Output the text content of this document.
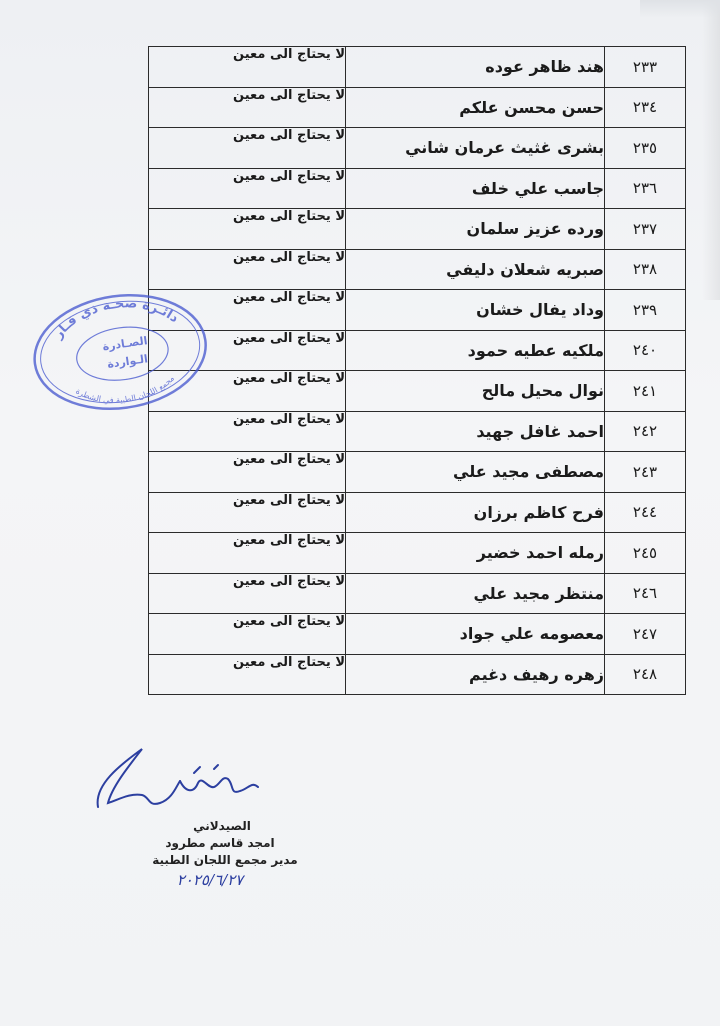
٢٣٣	هند ظاهر عوده	لا يحتاج الى معين
٢٣٤	حسن محسن علكم	لا يحتاج الى معين
٢٣٥	بشرى غثيث عرمان شاني	لا يحتاج الى معين
٢٣٦	جاسب علي خلف	لا يحتاج الى معين
٢٣٧	ورده عزيز سلمان	لا يحتاج الى معين
٢٣٨	صبريه شعلان دليفي	لا يحتاج الى معين
٢٣٩	وداد يفال خشان	لا يحتاج الى معين
٢٤٠	ملكيه عطيه حمود	لا يحتاج الى معين
٢٤١	نوال محيل مالح	لا يحتاج الى معين
٢٤٢	احمد غافل جهيد	لا يحتاج الى معين
٢٤٣	مصطفى مجيد علي	لا يحتاج الى معين
٢٤٤	فرح كاظم برزان	لا يحتاج الى معين
٢٤٥	رمله احمد خضير	لا يحتاج الى معين
٢٤٦	منتظر مجيد علي	لا يحتاج الى معين
٢٤٧	معصومه علي جواد	لا يحتاج الى معين
٢٤٨	زهره رهيف دغيم	لا يحتاج الى معين
دائـرة صحـة ذي قـار
مجمع اللجان الطبية في الشطرة
الصـادرة
الـواردة
الصيدلاني
امجد قاسم مطرود
مدير مجمع اللجان الطبية
٢٠٢٥/٦/٢٧
